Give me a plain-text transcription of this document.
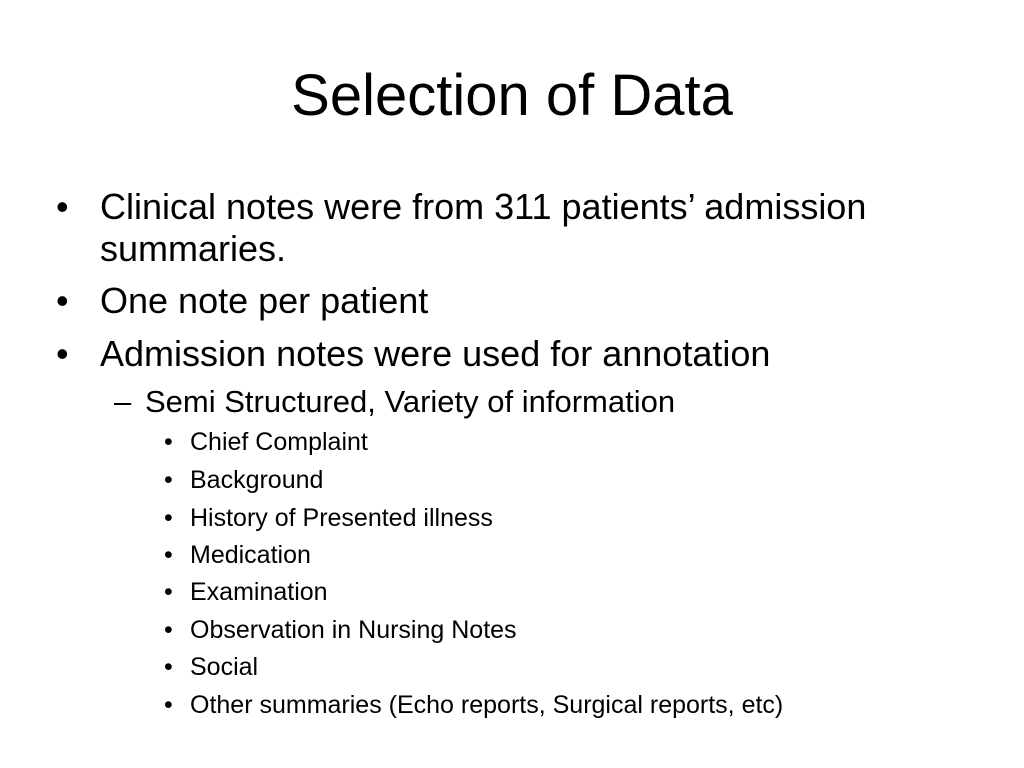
Selection of Data
• Clinical notes were from 311 patients’ admission
summaries.
• One note per patient
• Admission notes were used for annotation
– Semi Structured, Variety of information
• Chief Complaint
• Background
• History of Presented illness
• Medication
• Examination
• Observation in Nursing Notes
• Social
• Other summaries (Echo reports, Surgical reports, etc)
